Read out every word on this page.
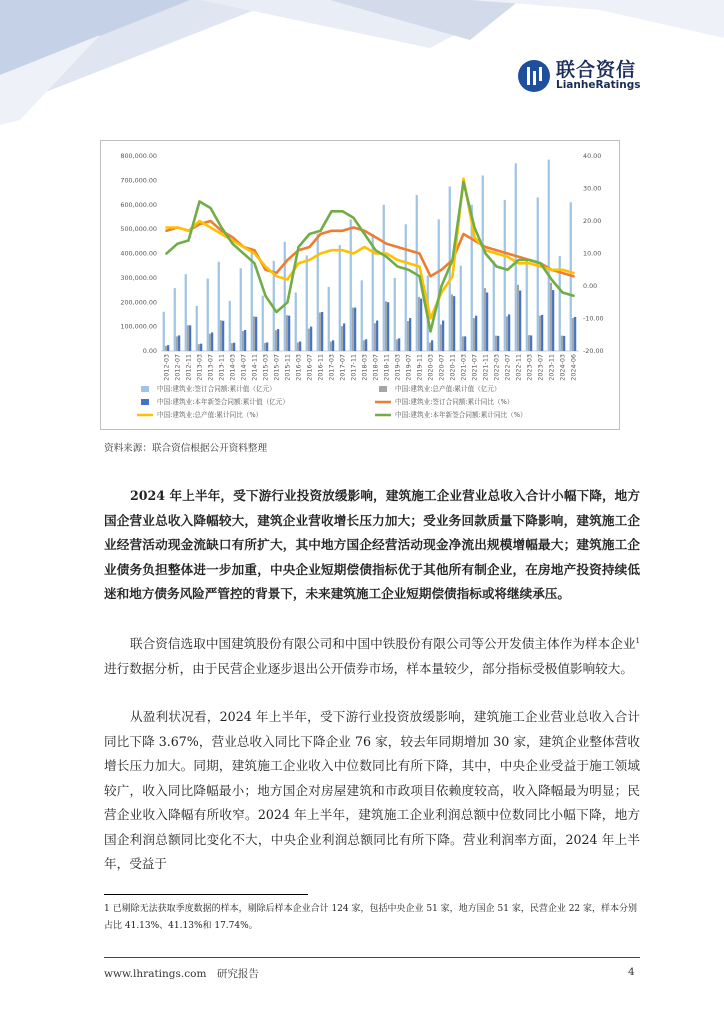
联合资信
LianheRatings
800,000.00
700,000.00
600,000.00
500,000.00
400,000.00
300,000.00
200,000.00
100,000.00
0.00
40.00
30.00
20.00
10.00
0.00
-10.00
-20.00
2012-03 2012-07 2012-11 2013-03 2013-07 2013-11 2014-03 2014-07 2014-11 2015-03 2015-07 2015-11 2016-03 2016-07 2016-11 2017-03 2017-07 2017-11 2018-03 2018-07 2018-11 2019-03 2019-07 2019-11 2020-03 2020-07 2020-11 2021-03 2021-07 2021-11 2022-03 2022-07 2022-11 2023-03 2023-07 2023-11 2024-03 2024-06
中国:建筑业:签订合同额:累计值（亿元）	中国:建筑业:总产值:累计值（亿元）
中国:建筑业:本年新签合同额:累计值（亿元）	中国:建筑业:签订合同额:累计同比（%）
中国:建筑业:总产值:累计同比（%）	中国:建筑业:本年新签合同额:累计同比（%）
资料来源：联合资信根据公开资料整理
2024 年上半年，受下游行业投资放缓影响，建筑施工企业营业总收入合计小幅下降，地方国企营业总收入降幅较大，建筑企业营收增长压力加大；受业务回款质量下降影响，建筑施工企业经营活动现金流缺口有所扩大，其中地方国企经营活动现金净流出规模增幅最大；建筑施工企业债务负担整体进一步加重，中央企业短期偿债指标优于其他所有制企业，在房地产投资持续低迷和地方债务风险严管控的背景下，未来建筑施工企业短期偿债指标或将继续承压。
联合资信选取中国建筑股份有限公司和中国中铁股份有限公司等公开发债主体作为样本企业$^1$进行数据分析，由于民营企业逐步退出公开债券市场，样本量较少，部分指标受极值影响较大。
从盈利状况看，2024 年上半年，受下游行业投资放缓影响，建筑施工企业营业总收入合计同比下降 3.67%，营业总收入同比下降企业 76 家，较去年同期增加 30 家，建筑企业整体营收增长压力加大。同期，建筑施工企业收入中位数同比有所下降，其中，中央企业受益于施工领域较广，收入同比降幅最小；地方国企对房屋建筑和市政项目依赖度较高，收入降幅最为明显；民营企业收入降幅有所收窄。2024 年上半年，建筑施工企业利润总额中位数同比小幅下降，地方国企利润总额同比变化不大，中央企业利润总额同比有所下降。营业利润率方面，2024 年上半年，受益于
1 已剔除无法获取季度数据的样本，剔除后样本企业合计 124 家，包括中央企业 51 家，地方国企 51 家，民营企业 22 家，样本分别占比 41.13%、41.13%和 17.74%。
www.lhratings.com　研究报告	4
